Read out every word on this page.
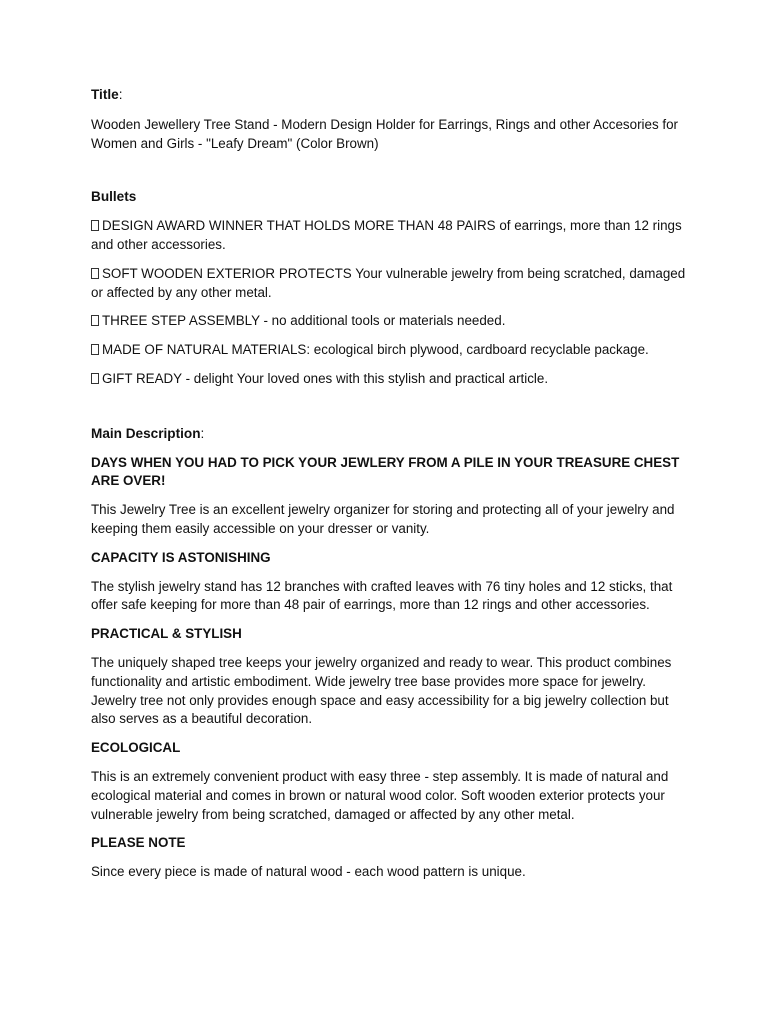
Title:

Wooden Jewellery Tree Stand - Modern Design Holder for Earrings, Rings and other Accesories for Women and Girls - "Leafy Dream" (Color Brown)

Bullets

DESIGN AWARD WINNER THAT HOLDS MORE THAN 48 PAIRS of earrings, more than 12 rings and other accessories.

SOFT WOODEN EXTERIOR PROTECTS Your vulnerable jewelry from being scratched, damaged or affected by any other metal.

THREE STEP ASSEMBLY - no additional tools or materials needed.

MADE OF NATURAL MATERIALS: ecological birch plywood, cardboard recyclable package.

GIFT READY - delight Your loved ones with this stylish and practical article.

Main Description:

DAYS WHEN YOU HAD TO PICK YOUR JEWLERY FROM A PILE IN YOUR TREASURE CHEST ARE OVER!

This Jewelry Tree is an excellent jewelry organizer for storing and protecting all of your jewelry and keeping them easily accessible on your dresser or vanity.

CAPACITY IS ASTONISHING

The stylish jewelry stand has 12 branches with crafted leaves with 76 tiny holes and 12 sticks, that offer safe keeping for more than 48 pair of earrings, more than 12 rings and other accessories.

PRACTICAL & STYLISH

The uniquely shaped tree keeps your jewelry organized and ready to wear. This product combines functionality and artistic embodiment. Wide jewelry tree base provides more space for jewelry. Jewelry tree not only provides enough space and easy accessibility for a big jewelry collection but also serves as a beautiful decoration.

ECOLOGICAL

This is an extremely convenient product with easy three - step assembly. It is made of natural and ecological material and comes in brown or natural wood color. Soft wooden exterior protects your vulnerable jewelry from being scratched, damaged or affected by any other metal.

PLEASE NOTE

Since every piece is made of natural wood - each wood pattern is unique.
